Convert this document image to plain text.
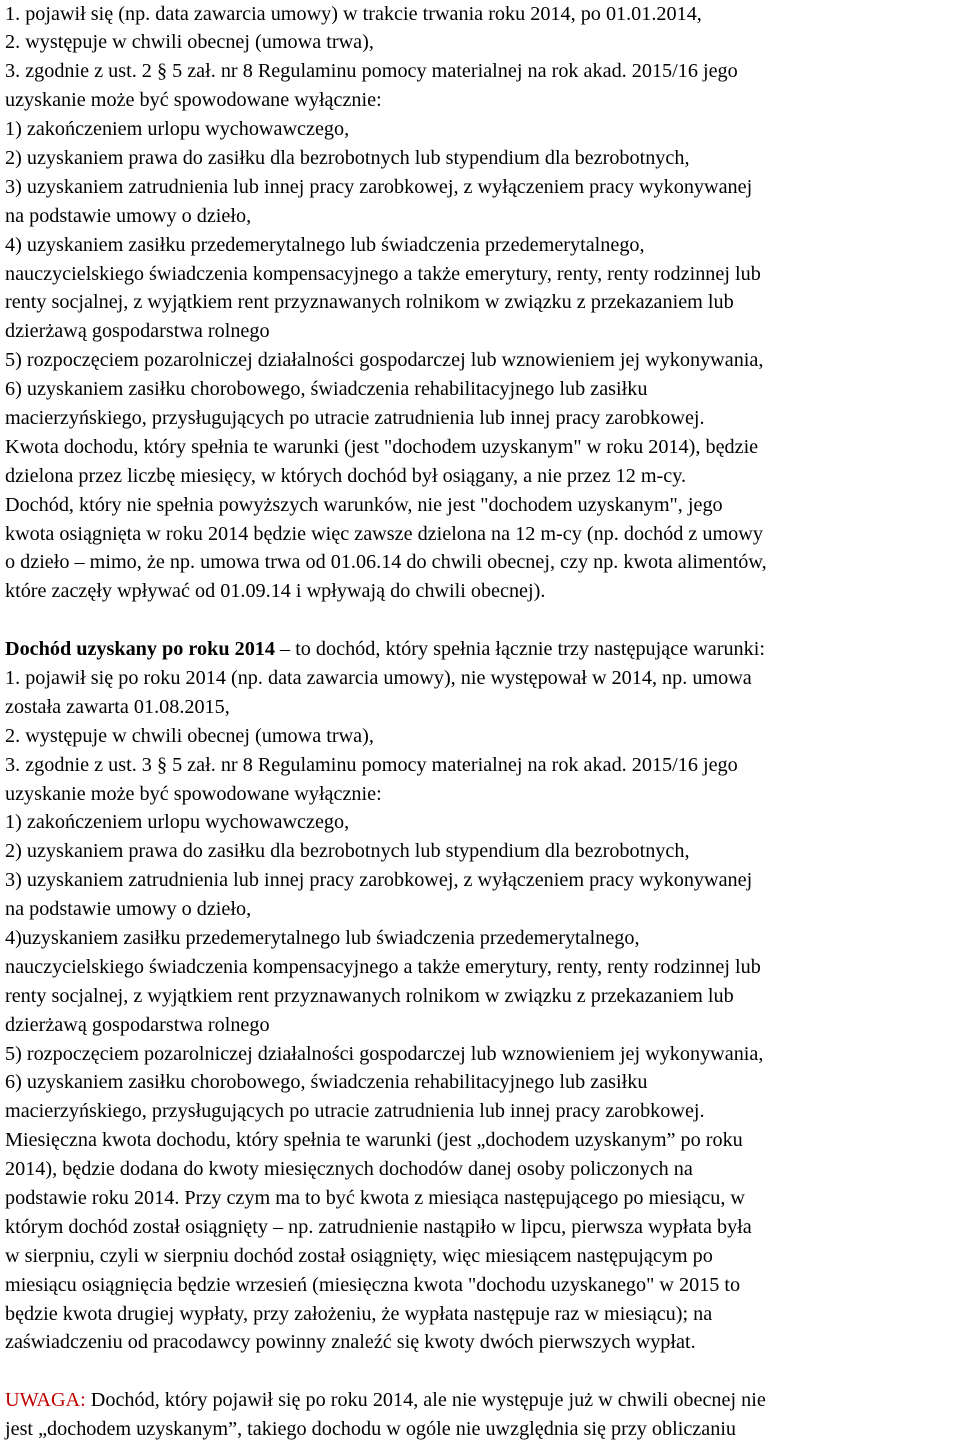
1. pojawił się (np. data zawarcia umowy) w trakcie trwania roku 2014, po 01.01.2014,
2. występuje w chwili obecnej (umowa trwa),
3. zgodnie z ust. 2 § 5 zał. nr 8 Regulaminu pomocy materialnej na rok akad. 2015/16 jego
uzyskanie może być spowodowane wyłącznie:
1) zakończeniem urlopu wychowawczego,
2) uzyskaniem prawa do zasiłku dla bezrobotnych lub stypendium dla bezrobotnych,
3) uzyskaniem zatrudnienia lub innej pracy zarobkowej, z wyłączeniem pracy wykonywanej
na podstawie umowy o dzieło,
4) uzyskaniem zasiłku przedemerytalnego lub świadczenia przedemerytalnego,
nauczycielskiego świadczenia kompensacyjnego a także emerytury, renty, renty rodzinnej lub
renty socjalnej, z wyjątkiem rent przyznawanych rolnikom w związku z przekazaniem lub
dzierżawą gospodarstwa rolnego
5) rozpoczęciem pozarolniczej działalności gospodarczej lub wznowieniem jej wykonywania,
6) uzyskaniem zasiłku chorobowego, świadczenia rehabilitacyjnego lub zasiłku
macierzyńskiego, przysługujących po utracie zatrudnienia lub innej pracy zarobkowej.
Kwota dochodu, który spełnia te warunki (jest "dochodem uzyskanym" w roku 2014), będzie
dzielona przez liczbę miesięcy, w których dochód był osiągany, a nie przez 12 m-cy.
Dochód, który nie spełnia powyższych warunków, nie jest "dochodem uzyskanym", jego
kwota osiągnięta w roku 2014 będzie więc zawsze dzielona na 12 m-cy (np. dochód z umowy
o dzieło – mimo, że np. umowa trwa od 01.06.14 do chwili obecnej, czy np. kwota alimentów,
które zaczęły wpływać od 01.09.14 i wpływają do chwili obecnej).
Dochód uzyskany po roku 2014 – to dochód, który spełnia łącznie trzy następujące warunki:
1. pojawił się po roku 2014 (np. data zawarcia umowy), nie występował w 2014, np. umowa
została zawarta 01.08.2015,
2. występuje w chwili obecnej (umowa trwa),
3. zgodnie z ust. 3 § 5 zał. nr 8 Regulaminu pomocy materialnej na rok akad. 2015/16 jego
uzyskanie może być spowodowane wyłącznie:
1) zakończeniem urlopu wychowawczego,
2) uzyskaniem prawa do zasiłku dla bezrobotnych lub stypendium dla bezrobotnych,
3) uzyskaniem zatrudnienia lub innej pracy zarobkowej, z wyłączeniem pracy wykonywanej
na podstawie umowy o dzieło,
4)uzyskaniem zasiłku przedemerytalnego lub świadczenia przedemerytalnego,
nauczycielskiego świadczenia kompensacyjnego a także emerytury, renty, renty rodzinnej lub
renty socjalnej, z wyjątkiem rent przyznawanych rolnikom w związku z przekazaniem lub
dzierżawą gospodarstwa rolnego
5) rozpoczęciem pozarolniczej działalności gospodarczej lub wznowieniem jej wykonywania,
6) uzyskaniem zasiłku chorobowego, świadczenia rehabilitacyjnego lub zasiłku
macierzyńskiego, przysługujących po utracie zatrudnienia lub innej pracy zarobkowej.
Miesięczna kwota dochodu, który spełnia te warunki (jest „dochodem uzyskanym” po roku
2014), będzie dodana do kwoty miesięcznych dochodów danej osoby policzonych na
podstawie roku 2014. Przy czym ma to być kwota z miesiąca następującego po miesiącu, w
którym dochód został osiągnięty – np. zatrudnienie nastąpiło w lipcu, pierwsza wypłata była
w sierpniu, czyli w sierpniu dochód został osiągnięty, więc miesiącem następującym po
miesiącu osiągnięcia będzie wrzesień (miesięczna kwota "dochodu uzyskanego" w 2015 to
będzie kwota drugiej wypłaty, przy założeniu, że wypłata następuje raz w miesiącu); na
zaświadczeniu od pracodawcy powinny znaleźć się kwoty dwóch pierwszych wypłat.
UWAGA: Dochód, który pojawił się po roku 2014, ale nie występuje już w chwili obecnej nie
jest „dochodem uzyskanym”, takiego dochodu w ogóle nie uwzględnia się przy obliczaniu
